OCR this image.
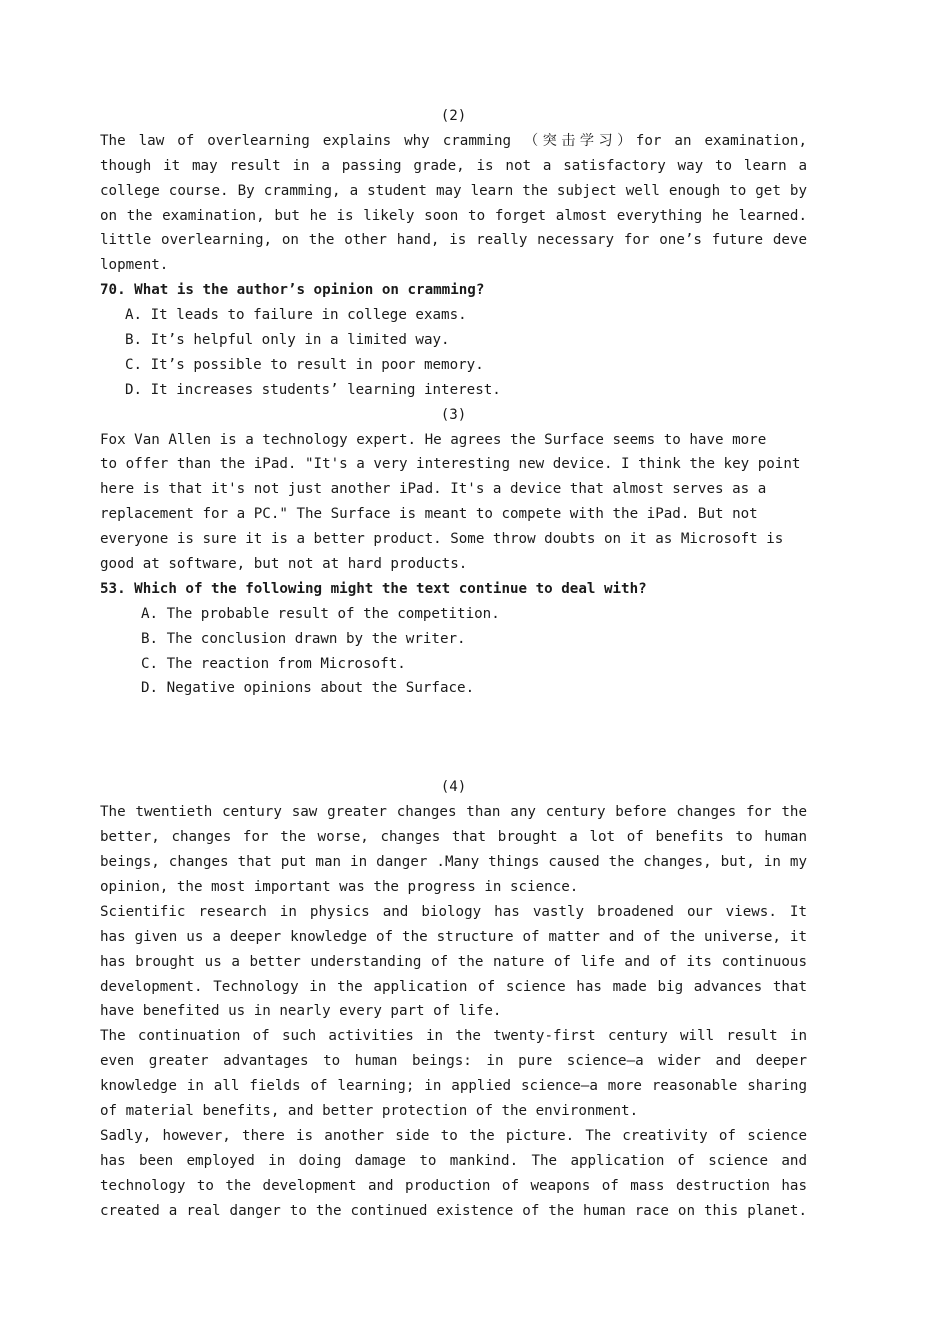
(2)
The law of overlearning explains why cramming （突击学习）for an examination,
though it may result in a passing grade, is not a satisfactory way to learn a
college course. By cramming, a student may learn the subject well enough to get by
on the examination, but he is likely soon to forget almost everything he learned.
little overlearning, on the other hand, is really necessary for one’s future deve
lopment.
70. What is the author’s opinion on cramming?
A. It leads to failure in college exams.
B. It’s helpful only in a limited way.
C. It’s possible to result in poor memory.
D. It increases students’ learning interest.
(3)
Fox Van Allen is a technology expert. He agrees the Surface seems to have more
to offer than the iPad. "It's a very interesting new device. I think the key point
here is that it's not just another iPad. It's a device that almost serves as a
replacement for a PC." The Surface is meant to compete with the iPad. But not
everyone is sure it is a better product. Some throw doubts on it as Microsoft is
good at software, but not at hard products.
53. Which of the following might the text continue to deal with?
A. The probable result of the competition.
B. The conclusion drawn by the writer.
C. The reaction from Microsoft.
D. Negative opinions about the Surface.
(4)
The twentieth century saw greater changes than any century before changes for the
better, changes for the worse, changes that brought a lot of benefits to human
beings, changes that put man in danger .Many things caused the changes, but, in my
opinion, the most important was the progress in science.
Scientific research in physics and biology has vastly broadened our views. It
has given us a deeper knowledge of the structure of matter and of the universe, it
has brought us a better understanding of the nature of life and of its continuous
development. Technology in the application of science has made big advances that
have benefited us in nearly every part of life.
The continuation of such activities in the twenty-first century will result in
even greater advantages to human beings: in pure science—a wider and deeper
knowledge in all fields of learning; in applied science—a more reasonable sharing
of material benefits, and better protection of the environment.
Sadly, however, there is another side to the picture. The creativity of science
has been employed in doing damage to mankind. The application of science and
technology to the development and production of weapons of mass destruction has
created a real danger to the continued existence of the human race on this planet.
